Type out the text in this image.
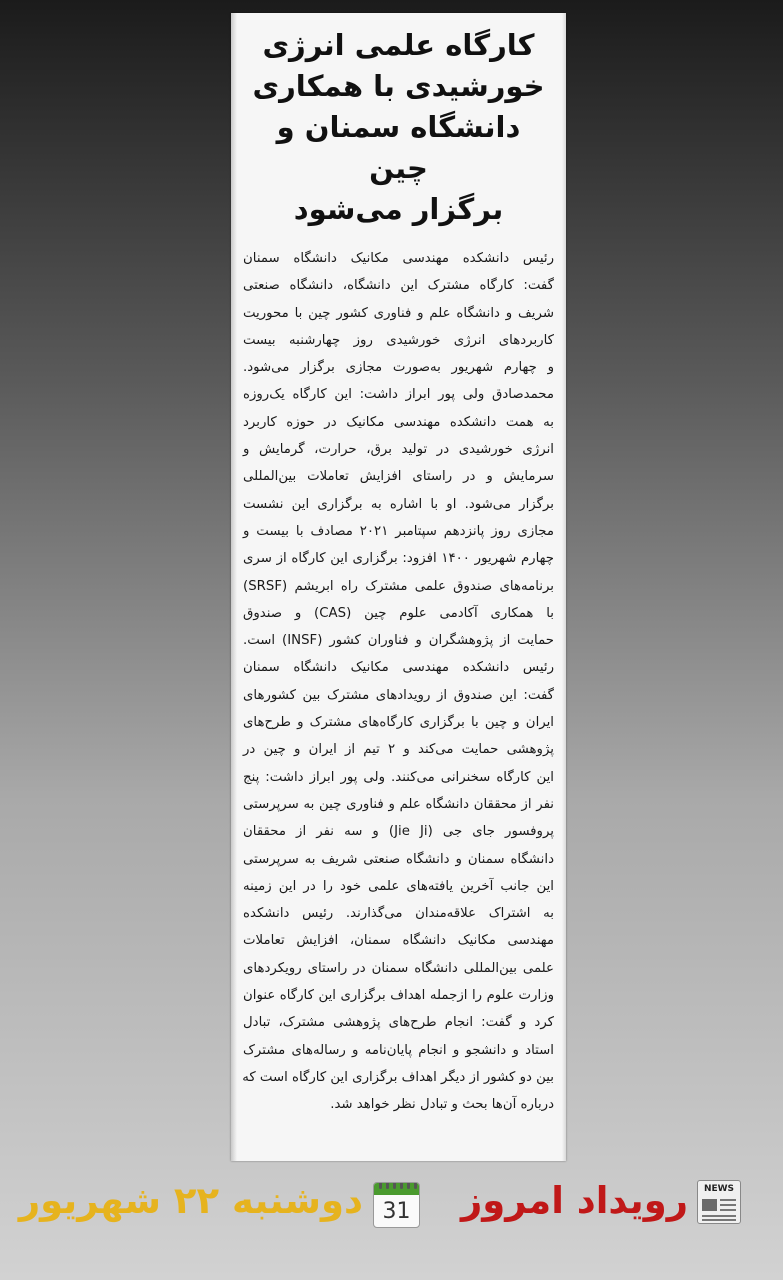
کارگاه علمی انرژی
خورشیدی با همکاری
دانشگاه سمنان و چین
برگزار می‌شود
رئیس دانشکده مهندسی مکانیک دانشگاه سمنان
گفت: کارگاه مشترک این دانشگاه، دانشگاه صنعتی
شریف و دانشگاه علم و فناوری کشور چین با محوریت
کاربردهای انرژی خورشیدی روز چهارشنبه بیست
و چهارم شهریور به‌صورت مجازی برگزار می‌شود.
محمدصادق ولی پور ابراز داشت: این کارگاه یک‌روزه
به همت دانشکده مهندسی مکانیک در حوزه کاربرد
انرژی خورشیدی در تولید برق، حرارت، گرمایش و
سرمایش و در راستای افزایش تعاملات بین‌المللی
برگزار می‌شود. او با اشاره به برگزاری این نشست
مجازی روز پانزدهم سپتامبر ۲۰۲۱ مصادف با بیست و
چهارم شهریور ۱۴۰۰ افزود: برگزاری این کارگاه از سری
برنامه‌های صندوق علمی مشترک راه ابریشم (SRSF)
با همکاری آکادمی علوم چین (CAS) و صندوق
حمایت از پژوهشگران و فناوران کشور (INSF) است.
رئیس دانشکده مهندسی مکانیک دانشگاه سمنان
گفت: این صندوق از رویدادهای مشترک بین کشورهای
ایران و چین با برگزاری کارگاه‌های مشترک و طرح‌های
پژوهشی حمایت می‌کند و ۲ تیم از ایران و چین در
این کارگاه سخنرانی می‌کنند. ولی پور ابراز داشت: پنج
نفر از محققان دانشگاه علم و فناوری چین به سرپرستی
پروفسور جای جی (Jie Ji) و سه نفر از محققان
دانشگاه سمنان و دانشگاه صنعتی شریف به سرپرستی
این جانب آخرین یافته‌های علمی خود را در این زمینه
به اشتراک علاقه‌مندان می‌گذارند. رئیس دانشکده
مهندسی مکانیک دانشگاه سمنان، افزایش تعاملات
علمی بین‌المللی دانشگاه سمنان در راستای رویکردهای
وزارت علوم را ازجمله اهداف برگزاری این کارگاه عنوان
کرد و گفت: انجام طرح‌های پژوهشی مشترک، تبادل
استاد و دانشجو و انجام پایان‌نامه و رساله‌های مشترک
بین دو کشور از دیگر اهداف برگزاری این کارگاه است که
درباره آن‌ها بحث و تبادل نظر خواهد شد.
NEWS
رویداد امروز
31
دوشنبه ۲۲ شهریور
